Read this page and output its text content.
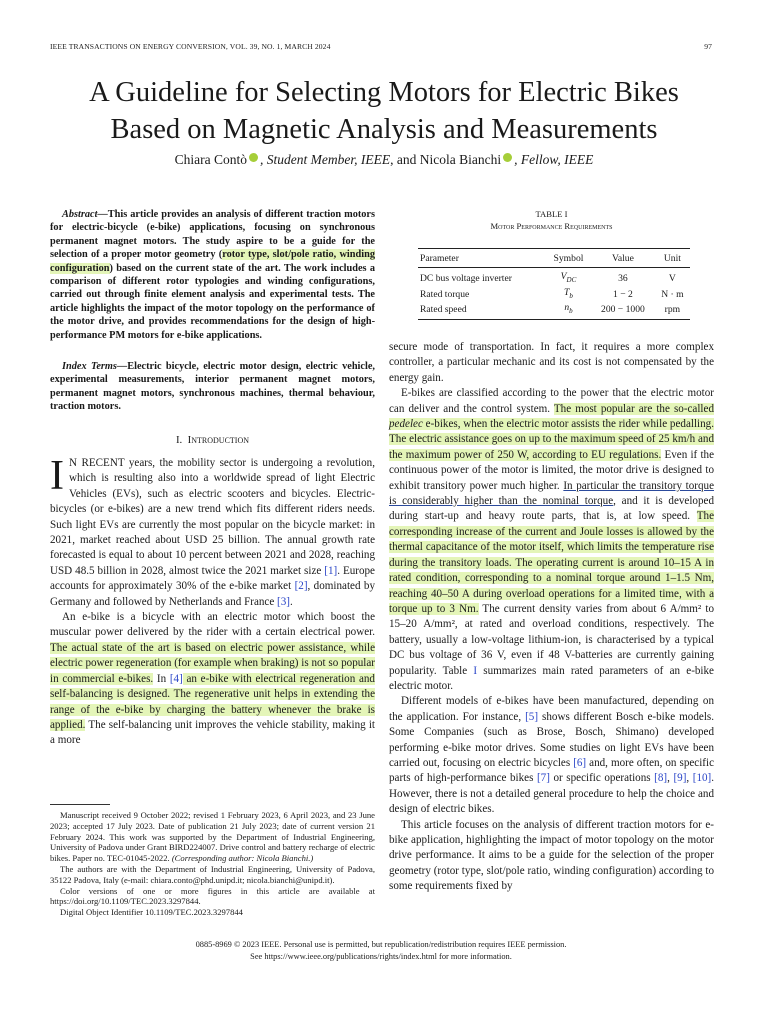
IEEE TRANSACTIONS ON ENERGY CONVERSION, VOL. 39, NO. 1, MARCH 2024	97
A Guideline for Selecting Motors for Electric Bikes
Based on Magnetic Analysis and Measurements
Chiara Contò , Student Member, IEEE, and Nicola Bianchi , Fellow, IEEE

Abstract—This article provides an analysis of different traction motors for electric-bicycle (e-bike) applications, focusing on synchronous permanent magnet motors. The study aspire to be a guide for the selection of a proper motor geometry (rotor type, slot/pole ratio, winding configuration) based on the current state of the art. The work includes a comparison of different rotor typologies and winding configurations, carried out through finite element analysis and experimental tests. The article highlights the impact of the motor topology on the performance of the motor drive, and provides recommendations for the design of high-performance PM motors for e-bike applications.

Index Terms—Electric bicycle, electric motor design, electric vehicle, experimental measurements, interior permanent magnet motors, permanent magnet motors, synchronous machines, thermal behaviour, traction motors.

I. Introduction

I N RECENT years, the mobility sector is undergoing a revolution, which is resulting also into a worldwide spread of light Electric Vehicles (EVs), such as electric scooters and bicycles. Electric-bicycles (or e-bikes) are a new trend which fits different riders needs. Such light EVs are currently the most popular on the bicycle market: in 2021, market reached about USD 25 billion. The annual growth rate forecasted is equal to about 10 percent between 2021 and 2028, reaching USD 48.5 billion in 2028, almost twice the 2021 market size [1]. Europe accounts for approximately 30% of the e-bike market [2], dominated by Germany and followed by Netherlands and France [3].

An e-bike is a bicycle with an electric motor which boost the muscular power delivered by the rider with a certain electrical power. The actual state of the art is based on electric power assistance, while electric power regeneration (for example when braking) is not so popular in commercial e-bikes. In [4] an e-bike with electrical regeneration and self-balancing is designed. The regenerative unit helps in extending the range of the e-bike by charging the battery whenever the brake is applied. The self-balancing unit improves the vehicle stability, making it a more

Manuscript received 9 October 2022; revised 1 February 2023, 6 April 2023, and 23 June 2023; accepted 17 July 2023. Date of publication 21 July 2023; date of current version 21 February 2024. This work was supported by the Department of Industrial Engineering, University of Padova under Grant BIRD224007. Drive control and battery recharge of electric bikes. Paper no. TEC-01045-2022. (Corresponding author: Nicola Bianchi.)

The authors are with the Department of Industrial Engineering, University of Padova, 35122 Padova, Italy (e-mail: chiara.conto@phd.unipd.it; nicola.bianchi@unipd.it).

Color versions of one or more figures in this article are available at https://doi.org/10.1109/TEC.2023.3297844.

Digital Object Identifier 10.1109/TEC.2023.3297844

TABLE I
Motor Performance Requirements
Parameter	Symbol	Value	Unit
DC bus voltage inverter	$V_{DC}$	36	V
Rated torque	$T_b$	1 − 2	N · m
Rated speed	$n_b$	200 − 1000	rpm

secure mode of transportation. In fact, it requires a more complex controller, a particular mechanic and its cost is not compensated by the energy gain.

E-bikes are classified according to the power that the electric motor can deliver and the control system. The most popular are the so-called pedelec e-bikes, when the electric motor assists the rider while pedalling. The electric assistance goes on up to the maximum speed of 25 km/h and the maximum power of 250 W, according to EU regulations. Even if the continuous power of the motor is limited, the motor drive is designed to exhibit transitory power much higher. In particular the transitory torque is considerably higher than the nominal torque, and it is developed during start-up and heavy route parts, that is, at low speed. The corresponding increase of the current and Joule losses is allowed by the thermal capacitance of the motor itself, which limits the temperature rise during the transitory loads. The operating current is around 10–15 A in rated condition, corresponding to a nominal torque around 1–1.5 Nm, reaching 40–50 A during overload operations for a limited time, with a torque up to 3 Nm. The current density varies from about 6 A/mm² to 15–20 A/mm², at rated and overload conditions, respectively. The battery, usually a low-voltage lithium-ion, is characterised by a typical DC bus voltage of 36 V, even if 48 V-batteries are currently gaining popularity. Table I summarizes main rated parameters of an e-bike electric motor.

Different models of e-bikes have been manufactured, depending on the application. For instance, [5] shows different Bosch e-bike models. Some Companies (such as Brose, Bosch, Shimano) developed performing e-bike motor drives. Some studies on light EVs have been carried out, focusing on electric bicycles [6] and, more often, on specific parts of high-performance bikes [7] or specific operations [8], [9], [10]. However, there is not a detailed general procedure to help the choice and design of electric bikes.

This article focuses on the analysis of different traction motors for e-bike application, highlighting the impact of motor topology on the motor drive performance. It aims to be a guide for the selection of the proper geometry (rotor type, slot/pole ratio, winding configuration) according to some requirements fixed by

0885-8969 © 2023 IEEE. Personal use is permitted, but republication/redistribution requires IEEE permission.
See https://www.ieee.org/publications/rights/index.html for more information.
